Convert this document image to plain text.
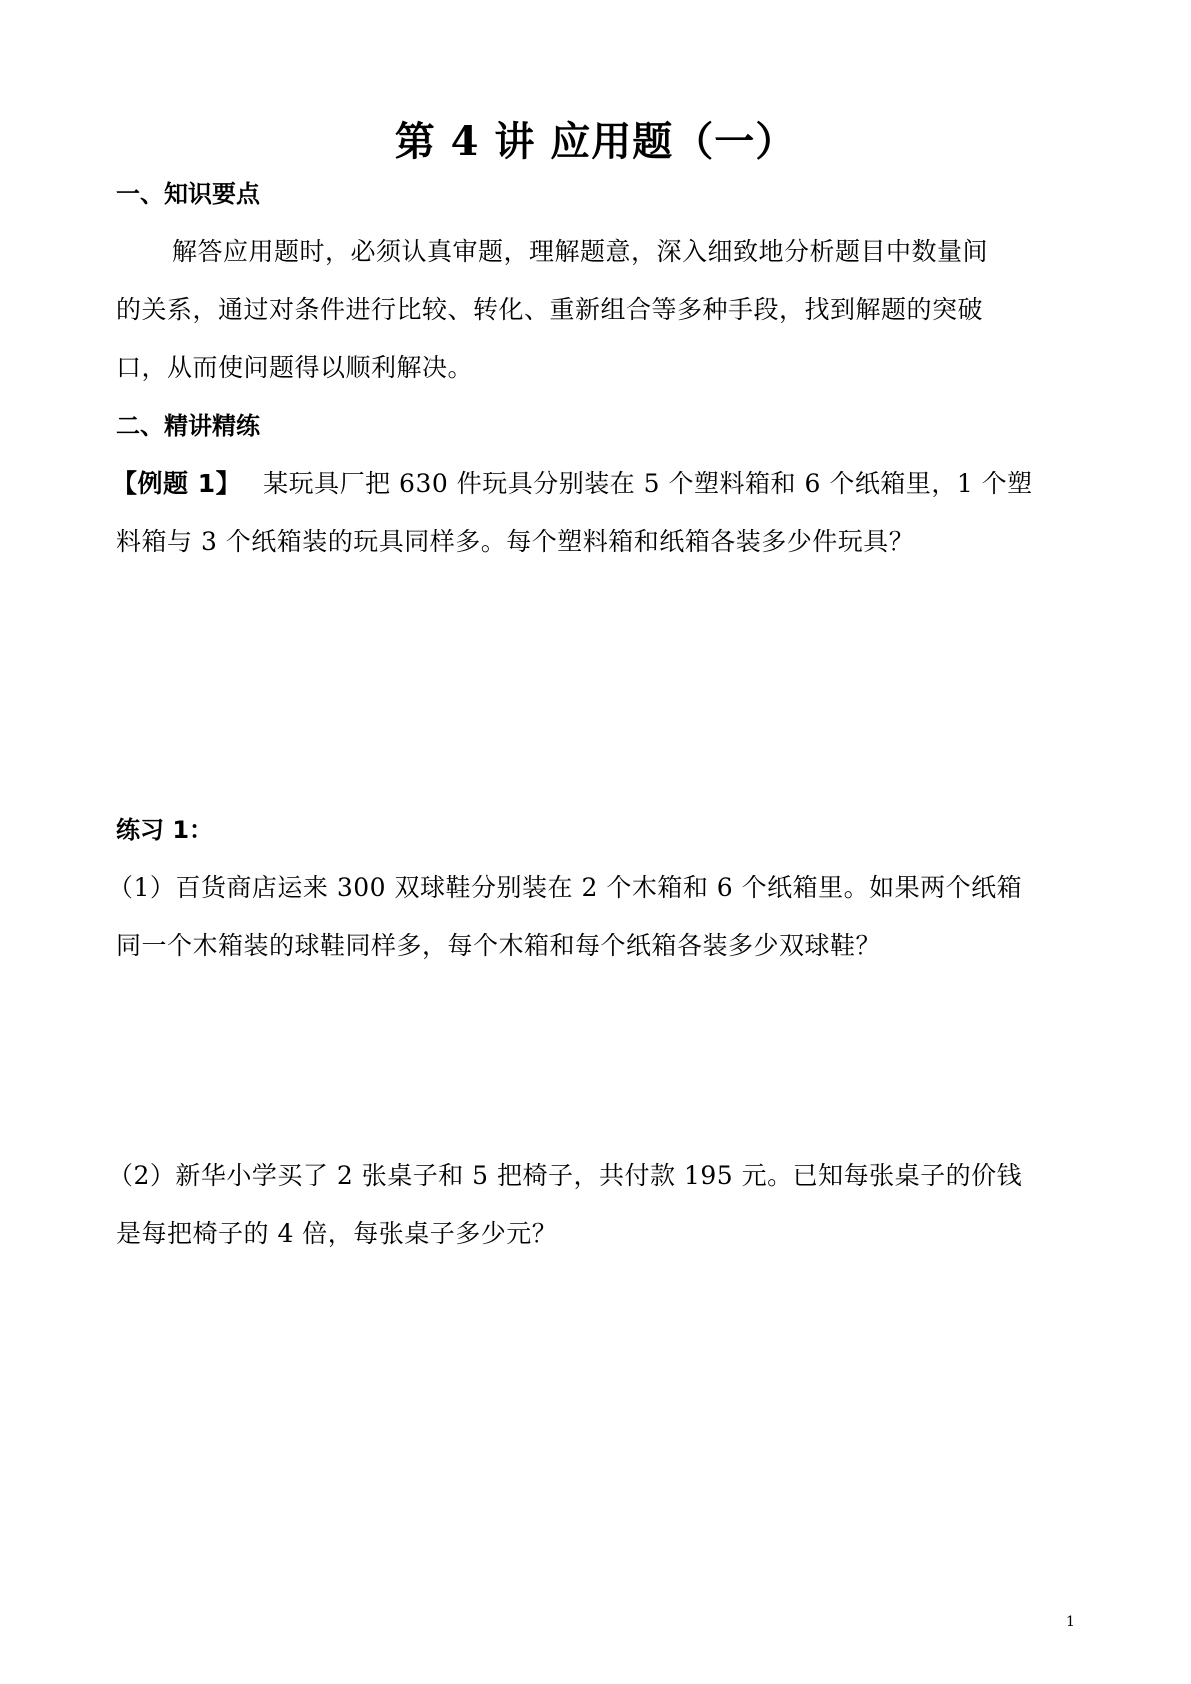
第 4 讲 应用题（一）
一、知识要点
解答应用题时，必须认真审题，理解题意，深入细致地分析题目中数量间
的关系，通过对条件进行比较、转化、重新组合等多种手段，找到解题的突破
口，从而使问题得以顺利解决。
二、精讲精练
【例题 1】 某玩具厂把 630 件玩具分别装在 5 个塑料箱和 6 个纸箱里，1 个塑
料箱与 3 个纸箱装的玩具同样多。每个塑料箱和纸箱各装多少件玩具？
练习 1：
（1）百货商店运来 300 双球鞋分别装在 2 个木箱和 6 个纸箱里。如果两个纸箱
同一个木箱装的球鞋同样多，每个木箱和每个纸箱各装多少双球鞋？
（2）新华小学买了 2 张桌子和 5 把椅子，共付款 195 元。已知每张桌子的价钱
是每把椅子的 4 倍，每张桌子多少元？
1
